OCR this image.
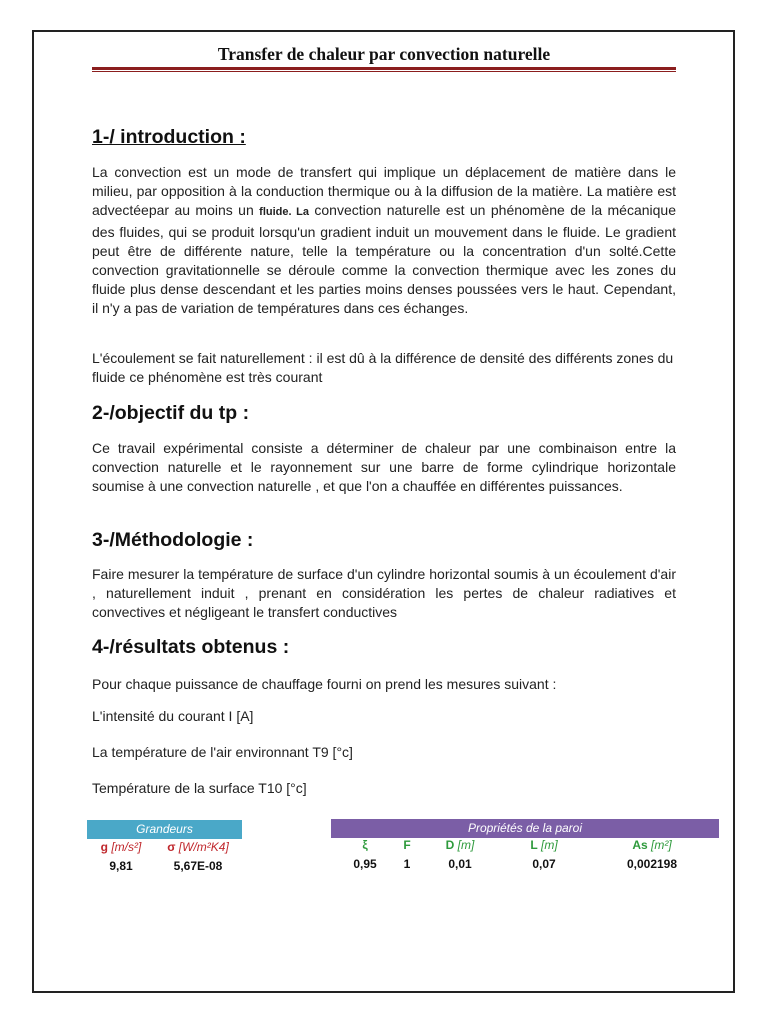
Transfer de chaleur par convection naturelle
1-/ introduction :

La convection est un mode de transfert qui implique un déplacement de matière dans le milieu, par opposition à la conduction thermique ou à la diffusion de la matière. La matière est advectéepar au moins un fluide. La convection naturelle est un phénomène de la mécanique des fluides, qui se produit lorsqu'un gradient induit un mouvement dans le fluide. Le gradient peut être de différente nature, telle la température ou la concentration d'un solté.Cette convection gravitationnelle se déroule comme la convection thermique avec les zones du fluide plus dense descendant et les parties moins denses poussées vers le haut. Cependant, il n'y a pas de variation de températures dans ces échanges.

L'écoulement se fait naturellement : il est dû à la différence de densité des différents zones du fluide ce phénomène est très courant

2-/objectif du tp :

Ce travail expérimental consiste a déterminer de chaleur par une combinaison entre la convection naturelle et le rayonnement sur une barre de forme cylindrique horizontale soumise à une convection naturelle , et que l'on a chauffée en différentes puissances.

3-/Méthodologie :

Faire mesurer la température de surface d'un cylindre horizontal soumis à un écoulement d'air , naturellement induit , prenant en considération les pertes de chaleur radiatives et convectives et négligeant le transfert conductives

4-/résultats obtenus :

Pour chaque puissance de chauffage fourni on prend les mesures suivant :

L'intensité du courant I [A]

La température de l'air environnant T9 [°c]

Température de la surface T10 [°c]

Grandeurs
g [m/s²]	σ [W/m²K4]
9,81	5,67E-08
Propriétés de la paroi
ξ	F	D [m]	L [m]	As [m²]
0,95	1	0,01	0,07	0,002198
